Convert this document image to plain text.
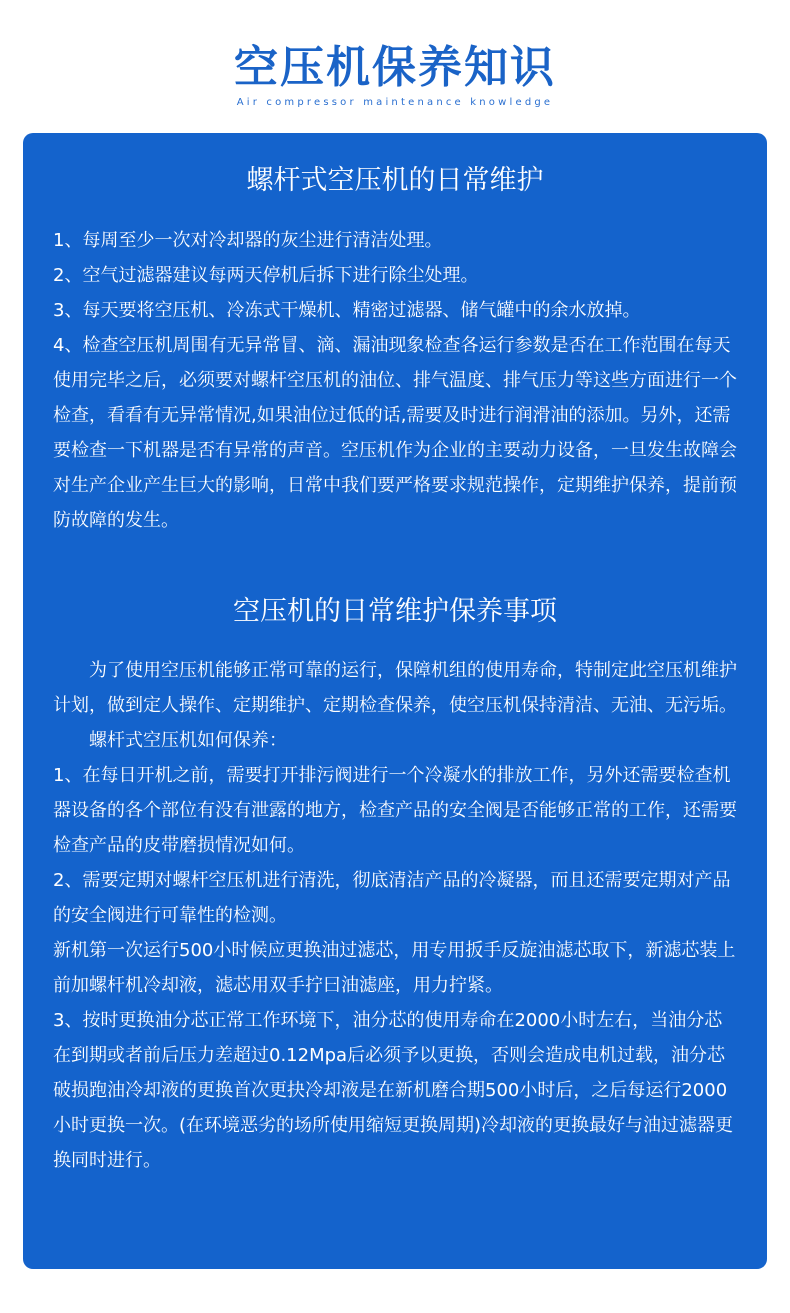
空压机保养知识
Air compressor maintenance knowledge
螺杆式空压机的日常维护

1、每周至少一次对冷却器的灰尘进行清洁处理。

2、空气过滤器建议每两天停机后拆下进行除尘处理。

3、每天要将空压机、冷冻式干燥机、精密过滤器、储气罐中的余水放掉。

4、检查空压机周围有无异常冒、滴、漏油现象检查各运行参数是否在工作范围在每天使用完毕之后，必须要对螺杆空压机的油位、排气温度、排气压力等这些方面进行一个检查，看看有无异常情况,如果油位过低的话,需要及时进行润滑油的添加。另外，还需要检查一下机器是否有异常的声音。空压机作为企业的主要动力设备，一旦发生故障会对生产企业产生巨大的影响，日常中我们要严格要求规范操作，定期维护保养，提前预防故障的发生。

空压机的日常维护保养事项

为了使用空压机能够正常可靠的运行，保障机组的使用寿命，特制定此空压机维护计划，做到定人操作、定期维护、定期检查保养，使空压机保持清洁、无油、无污垢。

螺杆式空压机如何保养：

1、在每日开机之前，需要打开排污阀进行一个冷凝水的排放工作，另外还需要检查机器设备的各个部位有没有泄露的地方，检查产品的安全阀是否能够正常的工作，还需要检查产品的皮带磨损情况如何。

2、需要定期对螺杆空压机进行清洗，彻底清洁产品的冷凝器，而且还需要定期对产品的安全阀进行可靠性的检测。

新机第一次运行500小时候应更换油过滤芯，用专用扳手反旋油滤芯取下，新滤芯装上前加螺杆机冷却液，滤芯用双手拧曰油滤座，用力拧紧。

3、按时更换油分芯正常工作环境下，油分芯的使用寿命在2000小时左右，当油分芯在到期或者前后压力差超过0.12Mpa后必须予以更换，否则会造成电机过载，油分芯破损跑油冷却液的更换首次更抉冷却液是在新机磨合期500小时后，之后每运行2000小时更换一次。(在环境恶劣的场所使用缩短更换周期)冷却液的更换最好与油过滤器更换同时进行。
